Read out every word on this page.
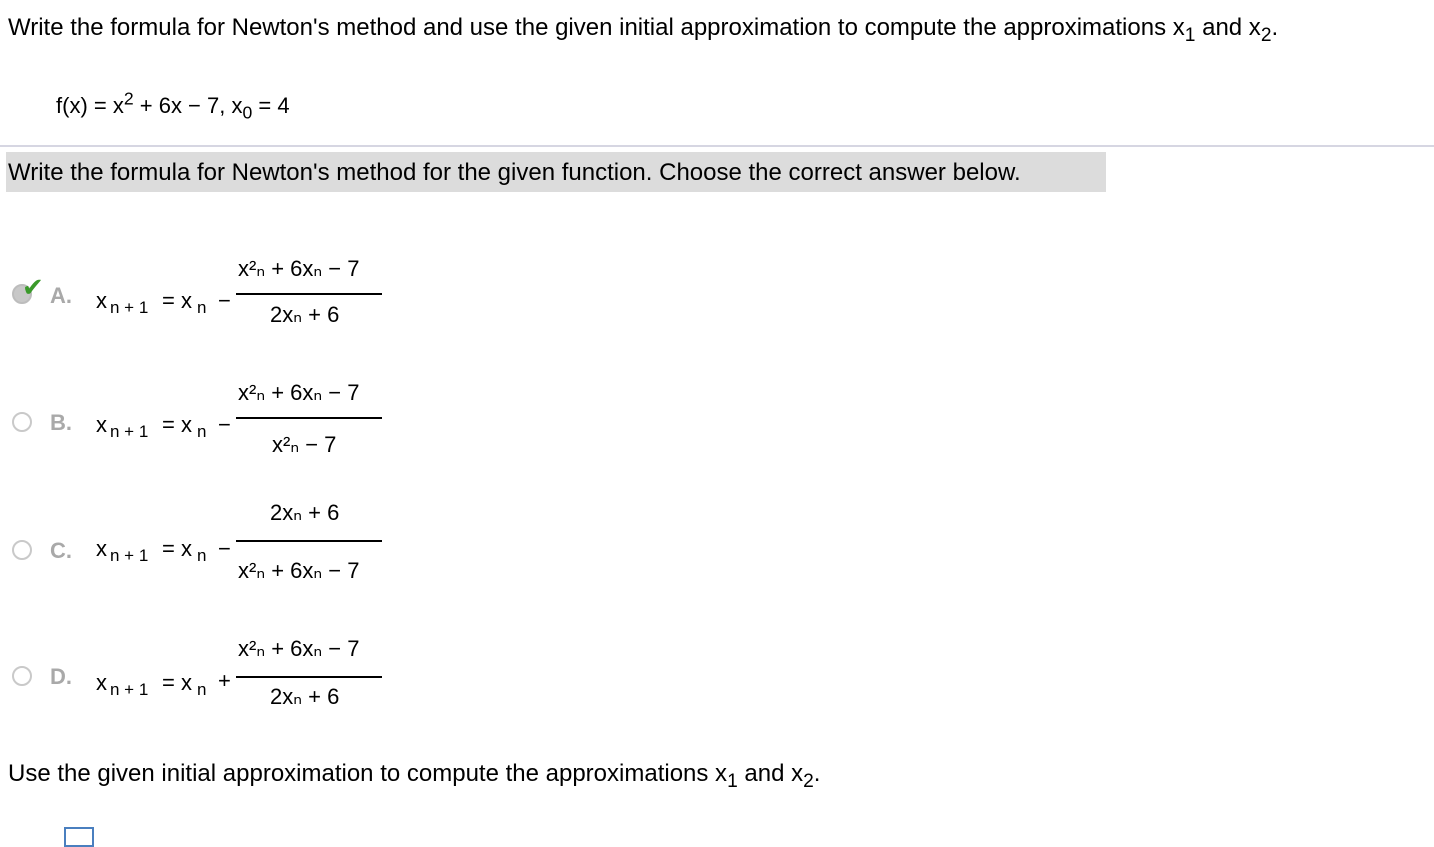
Write the formula for Newton's method and use the given initial approximation to compute the approximations $x_1$ and $x_2$.
$f(x) = x^2 + 6x - 7$, $x_0 = 4$
Write the formula for Newton's method for the given function. Choose the correct answer below.
✔ A. x n + 1 = x n −
x²ₙ + 6xₙ − 7
2xₙ + 6
B. x n + 1 = x n −
x²ₙ + 6xₙ − 7
x²ₙ − 7
C. x n + 1 = x n −
2xₙ + 6
x²ₙ + 6xₙ − 7
D. x n + 1 = x n +
x²ₙ + 6xₙ − 7
2xₙ + 6
Use the given initial approximation to compute the approximations $x_1$ and $x_2$.
